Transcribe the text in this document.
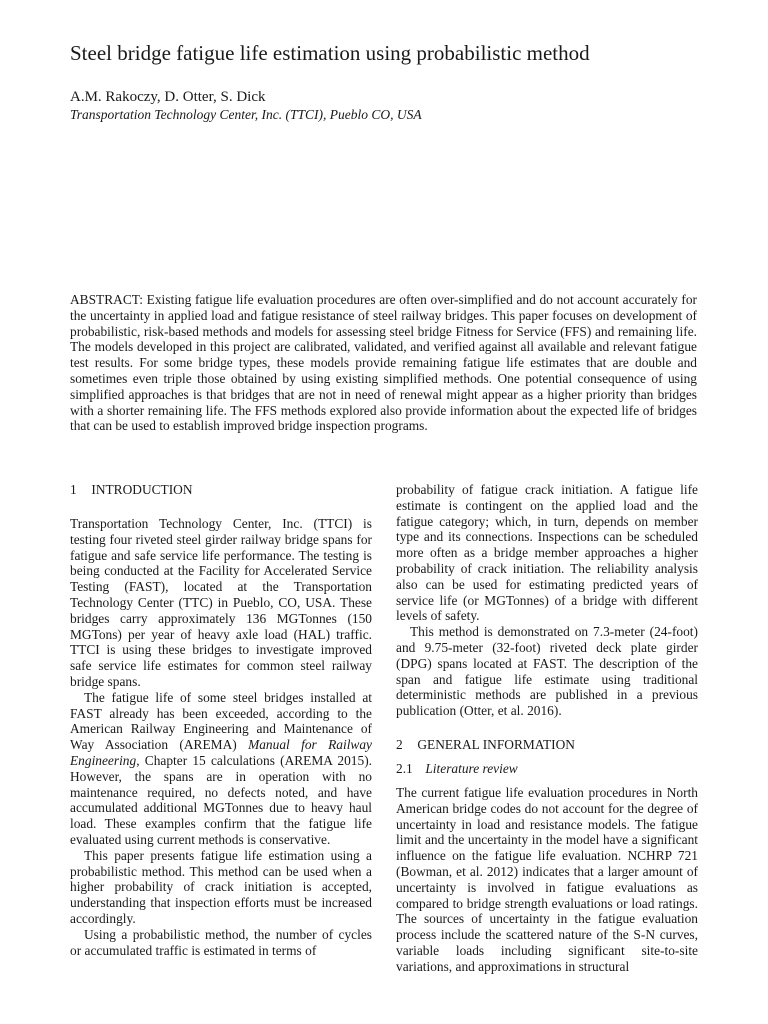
Steel bridge fatigue life estimation using probabilistic method
A.M. Rakoczy, D. Otter, S. Dick
Transportation Technology Center, Inc. (TTCI), Pueblo CO, USA

ABSTRACT: Existing fatigue life evaluation procedures are often over-simplified and do not account accurately for the uncertainty in applied load and fatigue resistance of steel railway bridges. This paper focuses on development of probabilistic, risk-based methods and models for assessing steel bridge Fitness for Service (FFS) and remaining life. The models developed in this project are calibrated, validated, and verified against all available and relevant fatigue test results. For some bridge types, these models provide remaining fatigue life estimates that are double and sometimes even triple those obtained by using existing simplified methods. One potential consequence of using simplified approaches is that bridges that are not in need of renewal might appear as a higher priority than bridges with a shorter remaining life. The FFS methods explored also provide information about the expected life of bridges that can be used to establish improved bridge inspection programs.

1 INTRODUCTION

Transportation Technology Center, Inc. (TTCI) is testing four riveted steel girder railway bridge spans for fatigue and safe service life performance. The testing is being conducted at the Facility for Accelerated Service Testing (FAST), located at the Transportation Technology Center (TTC) in Pueblo, CO, USA. These bridges carry approximately 136 MGTonnes (150 MGTons) per year of heavy axle load (HAL) traffic. TTCI is using these bridges to investigate improved safe service life estimates for common steel railway bridge spans.

The fatigue life of some steel bridges installed at FAST already has been exceeded, according to the American Railway Engineering and Maintenance of Way Association (AREMA) Manual for Railway Engineering, Chapter 15 calculations (AREMA 2015). However, the spans are in operation with no maintenance required, no defects noted, and have accumulated additional MGTonnes due to heavy haul load. These examples confirm that the fatigue life evaluated using current methods is conservative.

This paper presents fatigue life estimation using a probabilistic method. This method can be used when a higher probability of crack initiation is accepted, understanding that inspection efforts must be increased accordingly.

Using a probabilistic method, the number of cycles or accumulated traffic is estimated in terms of

probability of fatigue crack initiation. A fatigue life estimate is contingent on the applied load and the fatigue category; which, in turn, depends on member type and its connections. Inspections can be scheduled more often as a bridge member approaches a higher probability of crack initiation. The reliability analysis also can be used for estimating predicted years of service life (or MGTonnes) of a bridge with different levels of safety.

This method is demonstrated on 7.3-meter (24-foot) and 9.75-meter (32-foot) riveted deck plate girder (DPG) spans located at FAST. The description of the span and fatigue life estimate using traditional deterministic methods are published in a previous publication (Otter, et al. 2016).

2 GENERAL INFORMATION
2.1 Literature review

The current fatigue life evaluation procedures in North American bridge codes do not account for the degree of uncertainty in load and resistance models. The fatigue limit and the uncertainty in the model have a significant influence on the fatigue life evaluation. NCHRP 721 (Bowman, et al. 2012) indicates that a larger amount of uncertainty is involved in fatigue evaluations as compared to bridge strength evaluations or load ratings. The sources of uncertainty in the fatigue evaluation process include the scattered nature of the S-N curves, variable loads including significant site-to-site variations, and approximations in structural
